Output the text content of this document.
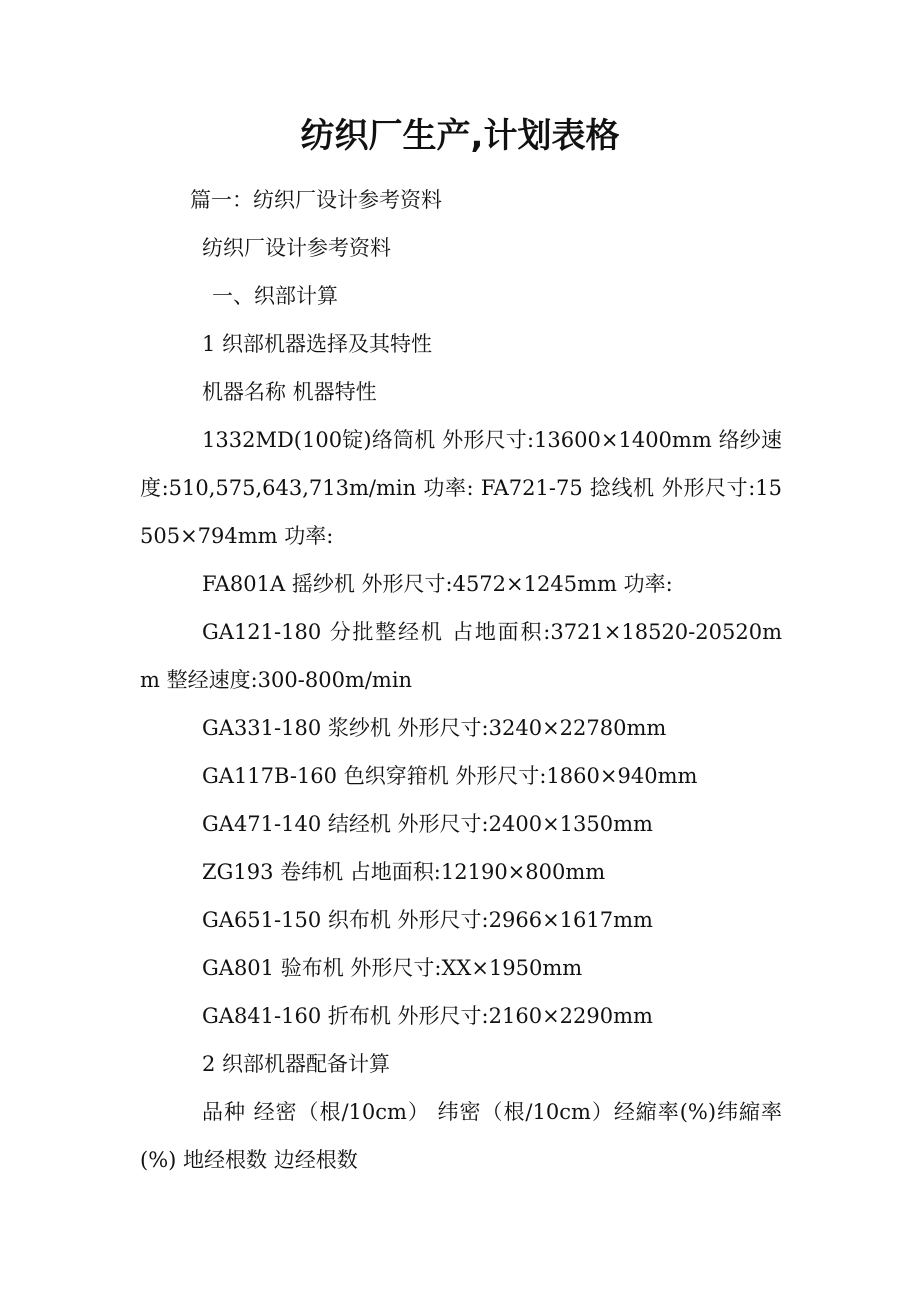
纺织厂生产,计划表格

篇一：纺织厂设计参考资料

纺织厂设计参考资料

一、织部计算

1 织部机器选择及其特性

机器名称 机器特性

1332MD(100锭)络筒机 外形尺寸:13600×1400mm 络纱速度:510,575,643,713m/min 功率: FA721-75 捻线机 外形尺寸:15505×794mm 功率:

FA801A 摇纱机 外形尺寸:4572×1245mm 功率:

GA121-180 分批整经机 占地面积:3721×18520-20520mm 整经速度:300-800m/min

GA331-180 浆纱机 外形尺寸:3240×22780mm

GA117B-160 色织穿箝机 外形尺寸:1860×940mm

GA471-140 结经机 外形尺寸:2400×1350mm

ZG193 卷纬机 占地面积:12190×800mm

GA651-150 织布机 外形尺寸:2966×1617mm

GA801 验布机 外形尺寸:XX×1950mm

GA841-160 折布机 外形尺寸:2160×2290mm

2 织部机器配备计算

品种 经密（根/10cm） 纬密（根/10cm）经縮率(%)纬縮率(%) 地经根数 边经根数
